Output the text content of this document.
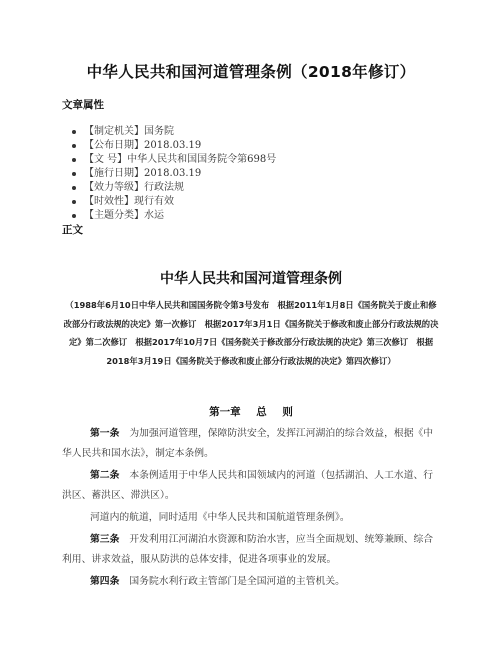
中华人民共和国河道管理条例（2018年修订）
文章属性
【制定机关】国务院
【公布日期】2018.03.19
【文 号】中华人民共和国国务院令第698号
【施行日期】2018.03.19
【效力等级】行政法规
【时效性】现行有效
【主题分类】水运
正文
中华人民共和国河道管理条例
（1988年6月10日中华人民共和国国务院令第3号发布　根据2011年1月8日《国务院关于废止和修改部分行政法规的决定》第一次修订　根据2017年3月1日《国务院关于修改和废止部分行政法规的决定》第二次修订　根据2017年10月7日《国务院关于修改部分行政法规的决定》第三次修订　根据2018年3月19日《国务院关于修改和废止部分行政法规的决定》第四次修订）
第一章 总 则
第一条 为加强河道管理，保障防洪安全，发挥江河湖泊的综合效益，根据《中华人民共和国水法》，制定本条例。
第二条 本条例适用于中华人民共和国领域内的河道（包括湖泊、人工水道、行洪区、蓄洪区、滞洪区）。
河道内的航道，同时适用《中华人民共和国航道管理条例》。
第三条 开发利用江河湖泊水资源和防治水害，应当全面规划、统筹兼顾、综合利用、讲求效益，服从防洪的总体安排，促进各项事业的发展。
第四条 国务院水利行政主管部门是全国河道的主管机关。
